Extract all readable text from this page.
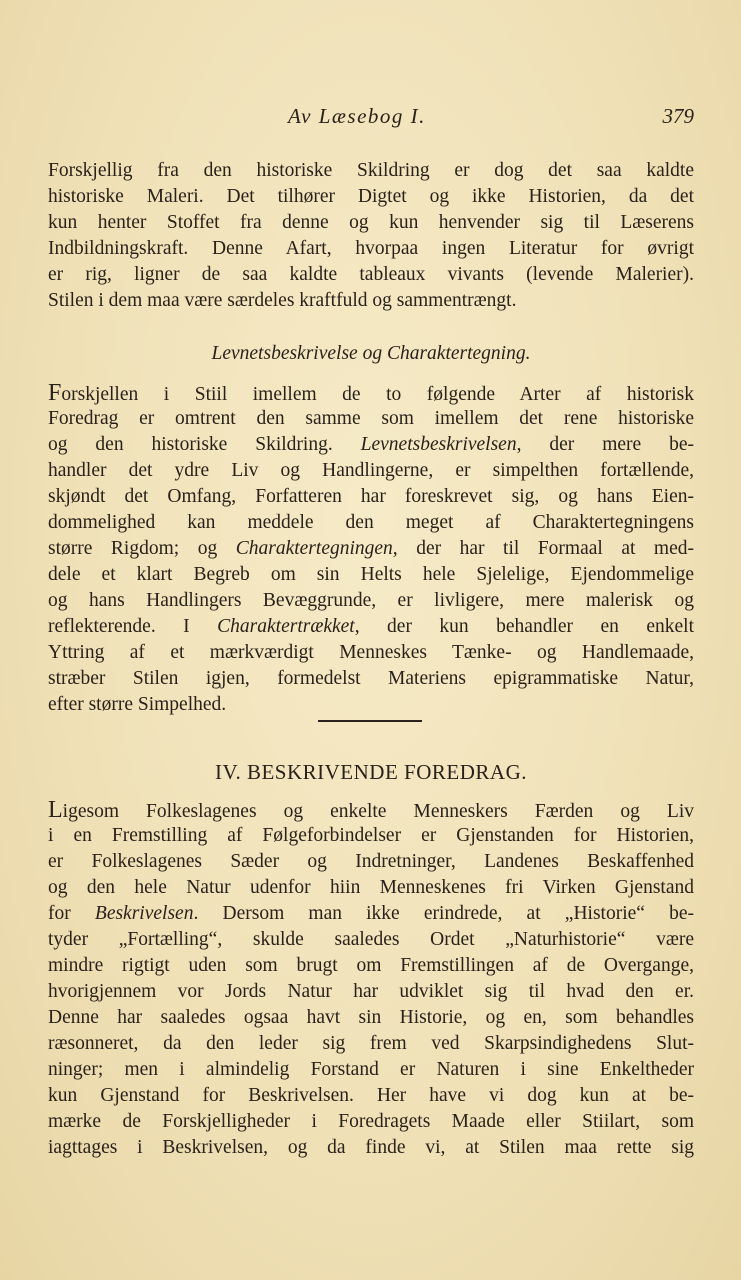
Av Læsebog I.	379
Forskjellig fra den historiske Skildring er dog det saa kaldte
historiske Maleri. Det tilhører Digtet og ikke Historien, da det
kun henter Stoffet fra denne og kun henvender sig til Læserens
Indbildningskraft. Denne Afart, hvorpaa ingen Literatur for øvrigt
er rig, ligner de saa kaldte tableaux vivants (levende Malerier).
Stilen i dem maa være særdeles kraftfuld og sammentrængt.
Levnetsbeskrivelse og Charaktertegning.
Forskjellen i Stiil imellem de to følgende Arter af historisk
Foredrag er omtrent den samme som imellem det rene historiske
og den historiske Skildring. Levnetsbeskrivelsen, der mere be-
handler det ydre Liv og Handlingerne, er simpelthen fortællende,
skjøndt det Omfang, Forfatteren har foreskrevet sig, og hans Eien-
dommelighed kan meddele den meget af Charaktertegningens
større Rigdom; og Charaktertegningen, der har til Formaal at med-
dele et klart Begreb om sin Helts hele Sjelelige, Ejendommelige
og hans Handlingers Bevæggrunde, er livligere, mere malerisk og
reflekterende. I Charaktertrækket, der kun behandler en enkelt
Yttring af et mærkværdigt Menneskes Tænke- og Handlemaade,
stræber Stilen igjen, formedelst Materiens epigrammatiske Natur,
efter større Simpelhed.
IV. BESKRIVENDE FOREDRAG.
Ligesom Folkeslagenes og enkelte Menneskers Færden og Liv
i en Fremstilling af Følgeforbindelser er Gjenstanden for Historien,
er Folkeslagenes Sæder og Indretninger, Landenes Beskaffenhed
og den hele Natur udenfor hiin Menneskenes fri Virken Gjenstand
for Beskrivelsen. Dersom man ikke erindrede, at „Historie“ be-
tyder „Fortælling“, skulde saaledes Ordet „Naturhistorie“ være
mindre rigtigt uden som brugt om Fremstillingen af de Overgange,
hvorigjennem vor Jords Natur har udviklet sig til hvad den er.
Denne har saaledes ogsaa havt sin Historie, og en, som behandles
ræsonneret, da den leder sig frem ved Skarpsindighedens Slut-
ninger; men i almindelig Forstand er Naturen i sine Enkeltheder
kun Gjenstand for Beskrivelsen. Her have vi dog kun at be-
mærke de Forskjelligheder i Foredragets Maade eller Stiilart, som
iagttages i Beskrivelsen, og da finde vi, at Stilen maa rette sig
